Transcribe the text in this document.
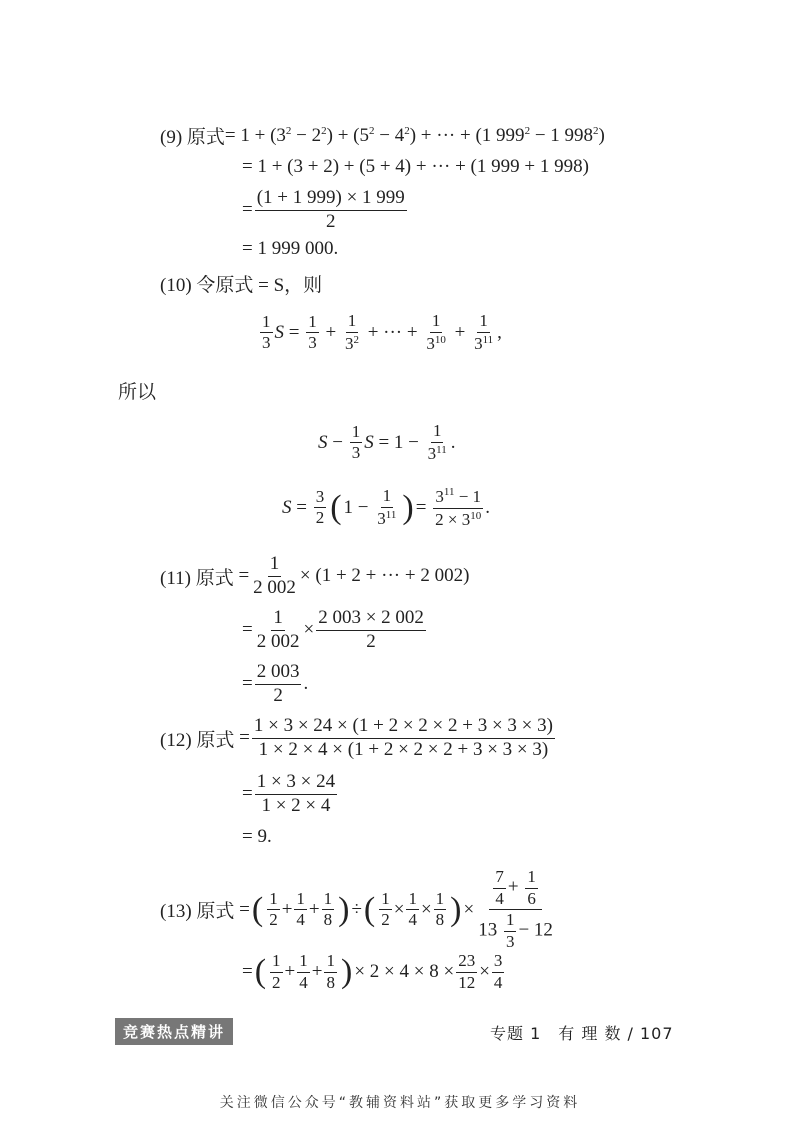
(9) 原式 = $1 + (3^2 - 2^2) + (5^2 - 4^2)$ + ··· + (1 $999^2 - 1$ $998^2$)
= 1 + (3 + 2) + (5 + 4) + ··· + (1 999 + 1 998)
= $\frac{(1 + 1 999) \times 1 999}{2}$
= 1 999 000.
(10) 令原式 = S，则
$\frac{1}{3}$ $S = \frac{1}{3} + \frac{1}{3^2}$ + ··· + $\frac{1}{3^{10}} + \frac{1}{3^{11}}$ ,
所以
$S - \frac{1}{3}$ $S = 1 - \frac{1}{3^{11}}$ .
$S = \frac{3}{2}$ ( $1 - \frac{1}{3^{11}}$ ) = $\frac{3^{11} - 1}{2 \times 3^{10}}$ .
(11) 原式 = $\frac{1}{2 002} \times (1 + 2$ + ··· + 2 002)
= $\frac{1}{2 002} \times \frac{2 003 \times 2 002}{2}$
= $\frac{2 003}{2}$ .
(12) 原式 = $\frac{1 \times 3 \times 24 \times (1 + 2 \times 2 \times 2 + 3 \times 3 \times 3)}{1 \times 2 \times 4 \times (1 + 2 \times 2 \times 2 + 3 \times 3 \times 3)}$
= $\frac{1 \times 3 \times 24}{1 \times 2 \times 4}$
= 9.
(13) 原式 = ( $\frac{1}{2} + \frac{1}{4} + \frac{1}{8}$ ) ÷ ( $\frac{1}{2} \times \frac{1}{4} \times \frac{1}{8}$ ) × $\frac{\frac{7}{4} + \frac{1}{6}}{13 \frac{1}{3} - 12}$
= ( $\frac{1}{2} + \frac{1}{4} + \frac{1}{8}$ ) × $2 \times 4 \times 8 \times \frac{23}{12} \times \frac{3}{4}$
竞赛热点精讲	专题 1　有 理 数 / 107
关注微信公众号“教辅资料站”获取更多学习资料
